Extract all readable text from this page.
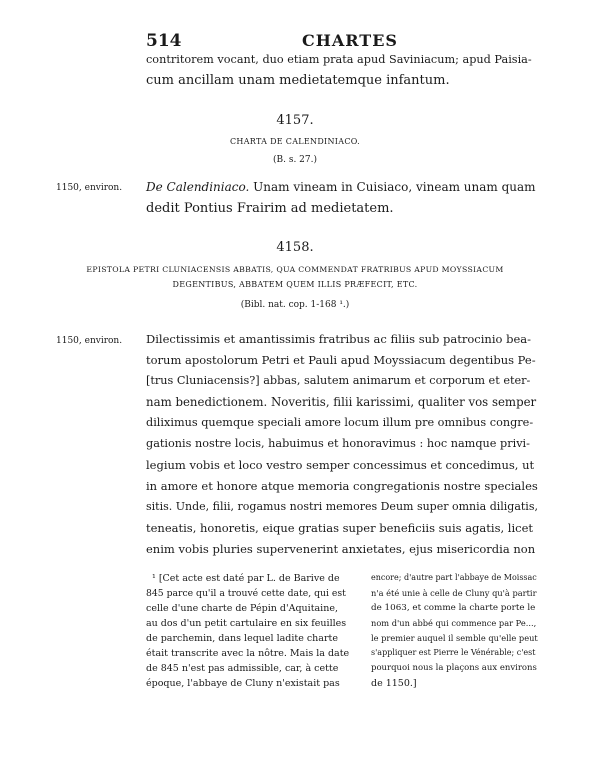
514	CHARTES
contritorem vocant, duo etiam prata apud Saviniacum; apud Paisia-
cum ancillam unam medietatemque infantum.
4157.
CHARTA DE CALENDINIACO.
(B. s. 27.)
1150, environ. De Calendiniaco. Unam vineam in Cuisiaco, vineam unam quam
dedit Pontius Frairim ad medietatem.
4158.
EPISTOLA PETRI CLUNIACENSIS ABBATIS, QUA COMMENDAT FRATRIBUS APUD MOYSSIACUM
DEGENTIBUS, ABBATEM QUEM ILLIS PRÆFECIT, ETC.
(Bibl. nat. cop. 1-168 ¹.)
1150, environ. Dilectissimis et amantissimis fratribus ac filiis sub patrocinio bea-
torum apostolorum Petri et Pauli apud Moyssiacum degentibus Pe-
[trus Cluniacensis?] abbas, salutem animarum et corporum et eter-
nam benedictionem. Noveritis, filii karissimi, qualiter vos semper
diliximus quemque speciali amore locum illum pre omnibus congre-
gationis nostre locis, habuimus et honoravimus : hoc namque privi-
legium vobis et loco vestro semper concessimus et concedimus, ut
in amore et honore atque memoria congregationis nostre speciales
sitis. Unde, filii, rogamus nostri memores Deum super omnia diligatis,
teneatis, honoretis, eique gratias super beneficiis suis agatis, licet
enim vobis pluries supervenerint anxietates, ejus misericordia non
¹ [Cet acte est daté par L. de Barive de
845 parce qu'il a trouvé cette date, qui est
celle d'une charte de Pépin d'Aquitaine,
au dos d'un petit cartulaire en six feuilles
de parchemin, dans lequel ladite charte
était transcrite avec la nôtre. Mais la date
de 845 n'est pas admissible, car, à cette
époque, l'abbaye de Cluny n'existait pas
encore; d'autre part l'abbaye de Moissac
n'a été unie à celle de Cluny qu'à partir
de 1063, et comme la charte porte le
nom d'un abbé qui commence par Pe...,
le premier auquel il semble qu'elle peut
s'appliquer est Pierre le Vénérable; c'est
pourquoi nous la plaçons aux environs
de 1150.]
